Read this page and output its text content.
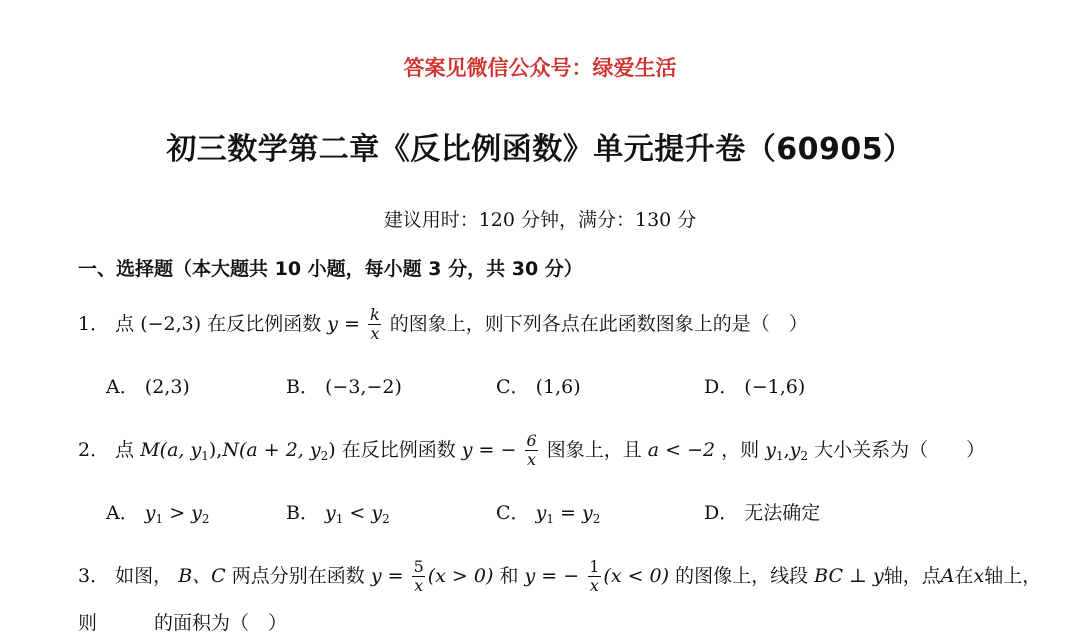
答案见微信公众号：绿爱生活
初三数学第二章《反比例函数》单元提升卷（60905）
建议用时：120 分钟，满分：130 分
一、选择题（本大题共 10 小题，每小题 3 分，共 30 分）
1． 点 (−2,3) 在反比例函数 $y = \frac{k}{x}$ 的图象上，则下列各点在此函数图象上的是（　）
A． (2,3)	B． (−3,−2)	C． (1,6)	D． (−1,6)
2． 点 M(a, $y_1),N(a + 2$, $y_2$) 在反比例函数 y = − $\frac{6}{x}$ 图象上，且 a < −2 ，则 $y_1,y_2$ 大小关系为（　　）
A． $y_1 > y_2$	B． $y_1 < y_2$	C． $y_1 = y_2$	D． 无法确定
3． 如图， B、C 两点分别在函数 $y = \frac{5}{x} (x > 0)$ 和 y = − $\frac{1}{x} (x < 0)$ 的图像上，线段 BC ⊥ y轴，点A在x轴上，
则　　　的面积为（　）
